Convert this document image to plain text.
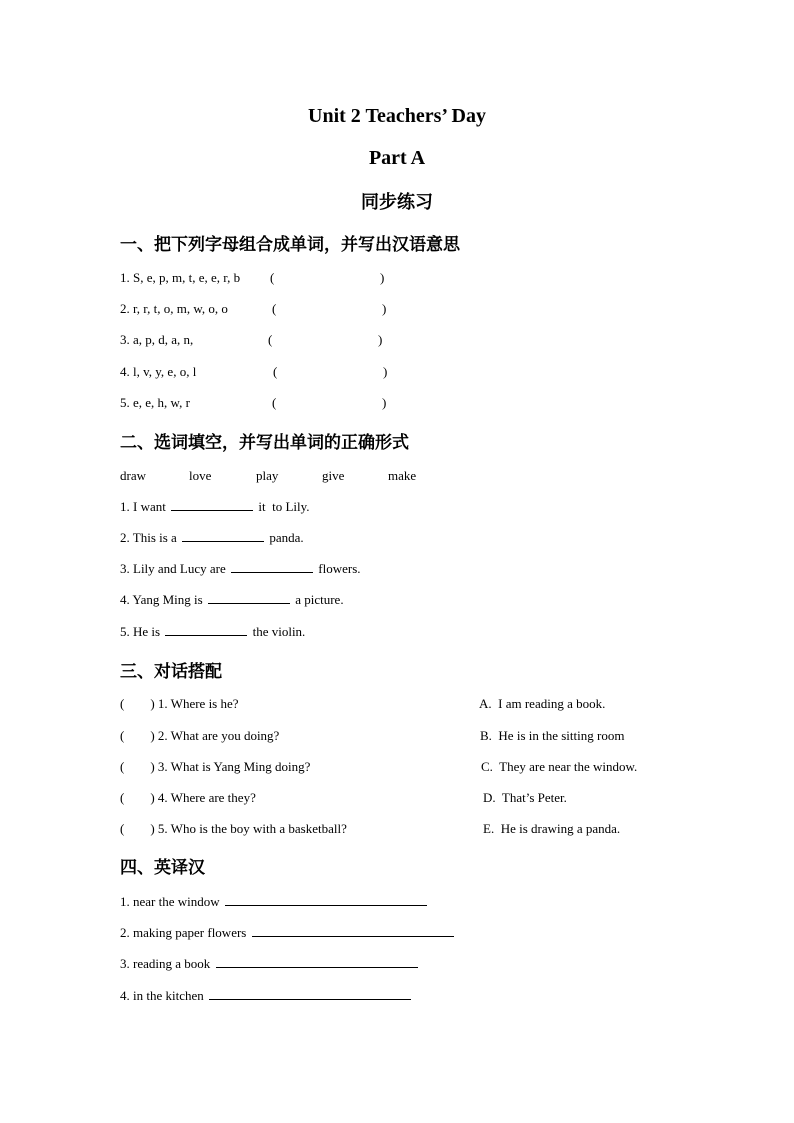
Unit 2 Teachers’ Day
Part A
同步练习
一、把下列字母组合成单词，并写出汉语意思
1. S, e, p, m, t, e, e, r, b (	)
2. r, r, t, o, m, w, o, o	(	)
3. a, p, d, a, n,	(	)
4. l, v, y, e, o, l	(	)
5. e, e, h, w, r	(	)
二、选词填空，并写出单词的正确形式
draw	love	play	give	make
1. I want	it  to Lily.
2. This is a	panda.
3. Lily and Lucy are	flowers.
4. Yang Ming is	a picture.
5. He is	the violin.
三、对话搭配
(        ) 1. Where is he?
(        ) 2. What are you doing?
(        ) 3. What is Yang Ming doing?
(        ) 4. Where are they?
(        ) 5. Who is the boy with a basketball?
A.  I am reading a book.
B.  He is in the sitting room
C.  They are near the window.
D.  That’s Peter.
E.  He is drawing a panda.
四、英译汉
1. near the window
2. making paper flowers
3. reading a book
4. in the kitchen
